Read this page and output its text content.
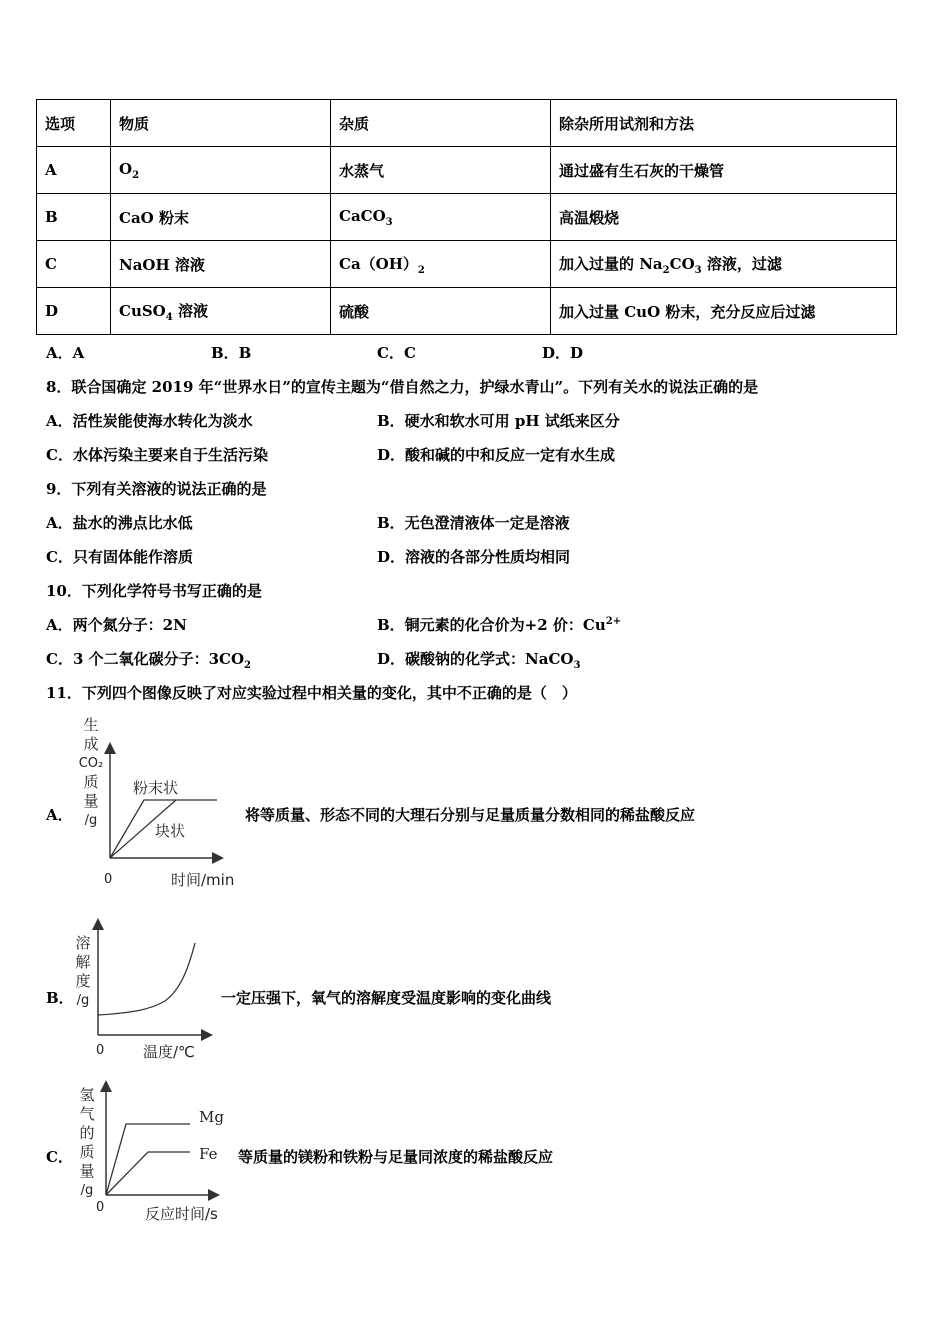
选项	物质	杂质	除杂所用试剂和方法
A	$O_2$	水蒸气	通过盛有生石灰的干燥管
B	CaO 粉末	CaCO$_3$	高温煅烧
C	NaOH 溶液	$Ca(OH)_2$	加入过量的 $Na_2CO_3$ 溶液，过滤
D	CuSO$_4$ 溶液	硫酸	加入过量 CuO 粉末，充分反应后过滤
A．A	B．B	C．C	D．D
8．联合国确定 2019 年“世界水日”的宣传主题为“借自然之力，护绿水青山”。下列有关水的说法正确的是
A．活性炭能使海水转化为淡水	B．硬水和软水可用 pH 试纸来区分
C．水体污染主要来自于生活污染	D．酸和碱的中和反应一定有水生成
9．下列有关溶液的说法正确的是
A．盐水的沸点比水低	B．无色澄清液体一定是溶液
C．只有固体能作溶质	D．溶液的各部分性质均相同
10．下列化学符号书写正确的是
A．两个氮分子：2N	B．铜元素的化合价为+2 价：$Cu^{2+}$
C．3 个二氧化碳分子：$3CO_2$	D．碳酸钠的化学式：NaCO$_3$
11．下列四个图像反映了对应实验过程中相关量的变化，其中不正确的是（　）
A．
生
成
CO₂
质
量
/g
粉末状
块状
0	时间/min
将等质量、形态不同的大理石分别与足量质量分数相同的稀盐酸反应
B．
溶
解
度
/g
0	温度/℃
一定压强下，氧气的溶解度受温度影响的变化曲线
C．
氢
气
的
质
量
/g
Mg
Fe
0	反应时间/s
等质量的镁粉和铁粉与足量同浓度的稀盐酸反应
